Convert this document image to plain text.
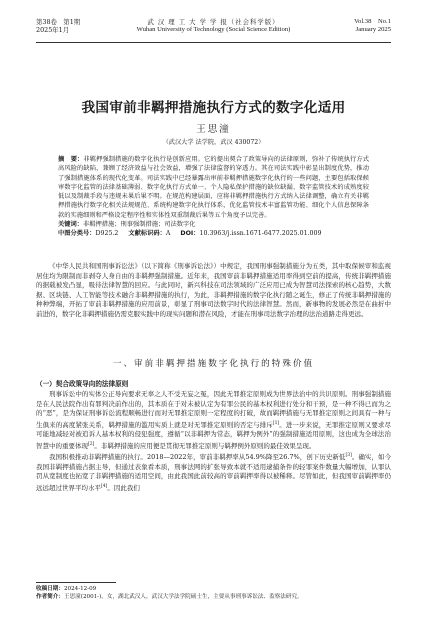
第38卷　第1期
2025年1月
武 汉 理 工 大 学 学 报（社会科学版）
Wuhan University of Technology (Social Science Edition)
Vol.38　No.1
January 2025
我国审前非羁押措施执行方式的数字化适用
王思潼
（武汉大学 法学院，武汉 430072）

摘　要：非羁押强制措施的数字化执行是创新应用。它的提出契合了政策导向的法律原则，弥补了传统执行方式高风险的缺陷，兼顾了经济效益与社会效益，增强了法律监督的穿透力。其在司法实践中彰显出制度优势，推动了强制措施体系的现代化变革。司法实践中已经暴露出审前非羁押措施数字化执行的一些问题，主要包括取保候审数字化监管的法律基础薄弱、数字化执行方式单一、个人隐私保护措施的缺位缺漏、数字监管技术的成熟度较低以及制裁手段与违规未果后果不明。在规范构建层面，应将非羁押措施执行方式纳入法律调整，确立有关非羁押措施执行数字化相关法规规范、系统构建数字化执行体系，优化监管技术丰富监管功能、细化个人信息保障条款的实施细则和严格设定程序性和实体性双重制裁后果等五个角度予以完善。

关键词：非羁押措施；刑事强制措施；司法数字化

中图分类号：D925.2 文献标识码：A DOI：10.3963/j.issn.1671-6477.2025.01.009

《中华人民共和国刑事诉讼法》（以下简称《刑事诉讼法》）中规定，我国刑事强制措施分为五类，其中取保候审和监视居住均为限制而非剥夺人身自由的非羁押强制措施。近年来，我国审前非羁押措施适用率得到空前的提高，传统非羁押措施的据载被发凸显，吸待法律智慧的回应。与此同时，新兴科技在司法领域的广泛应用已成为智慧司法探索的核心趋势，大数据、区块链、人工智能等技术融合非羁押措施的执行，为此，非羁押措施的数字化执行随之诞生，修正了传统非羁押措施的种种弊端，开拓了审前非羁押措施的应用前景，彰显了刑事司法数字时代的法律智慧。然而，新事物的发展必然是在曲折中前进的，数字化非羁押措施仍需克服实践中的现实问题和潜在风险，才能在刑事司法数字治理的法治道路走得更远。

一、审前非羁押措施数字化执行的特殊价值
（一）契合政策导向的法律原则

刑事诉讼中的实体公正导向要求无辜之人不受无妄之冤，因此无罪推定原则成为世界法治中的共识原则。刑事强制措施是在人民法院作出有罪判决前作出的，其本质在于对未被认定为有罪公民的基本权利进行处分和干预，是一种不得已而为之的“恶”，是为保证刑事诉讼流程顺畅进行而对无罪推定原则一定程度的打破，故而羁押措施与无罪推定原则之间具有一种与生俱来的高度紧张关系，羁押措施的滥用实质上就是对无罪推定原则的否定与排斥[1]。进一步来说，无罪推定原则又要求尽可能地减轻对被追诉人基本权利的侵犯强度，遵循“以非羁押为常态，羁押为例外”的强制措施适用原则，这也成为全球法治智慧中的重要体现[2]。非羁押措施的应用便是贯彻无罪推定原则与羁押例外原则的最佳效果呈现。

我国积极推动非羁押措施的执行。2018—2022年，审前非羁押率从54.9%降至26.7%，创下历史新低[3]。确实，如今我国非羁押措施占据主导，但通过表象看本质，刑事法网的扩张导致本就不适用逮捕条件的轻罪案件数量大幅增加，认罪认罚从宽制度也拓宽了非羁押措施的适用空间，由此我国此前较高的审前羁押率得以被稀释。尽管如此，但我国审前羁押率仍远远超过世界平均水平[4]。因此我们

收稿日期：2024-12-09
作者简介：王思潼(2001-)，女，湖北武汉人，武汉大学法学院硕士生，主要从事刑事诉讼法、监察法研究。
